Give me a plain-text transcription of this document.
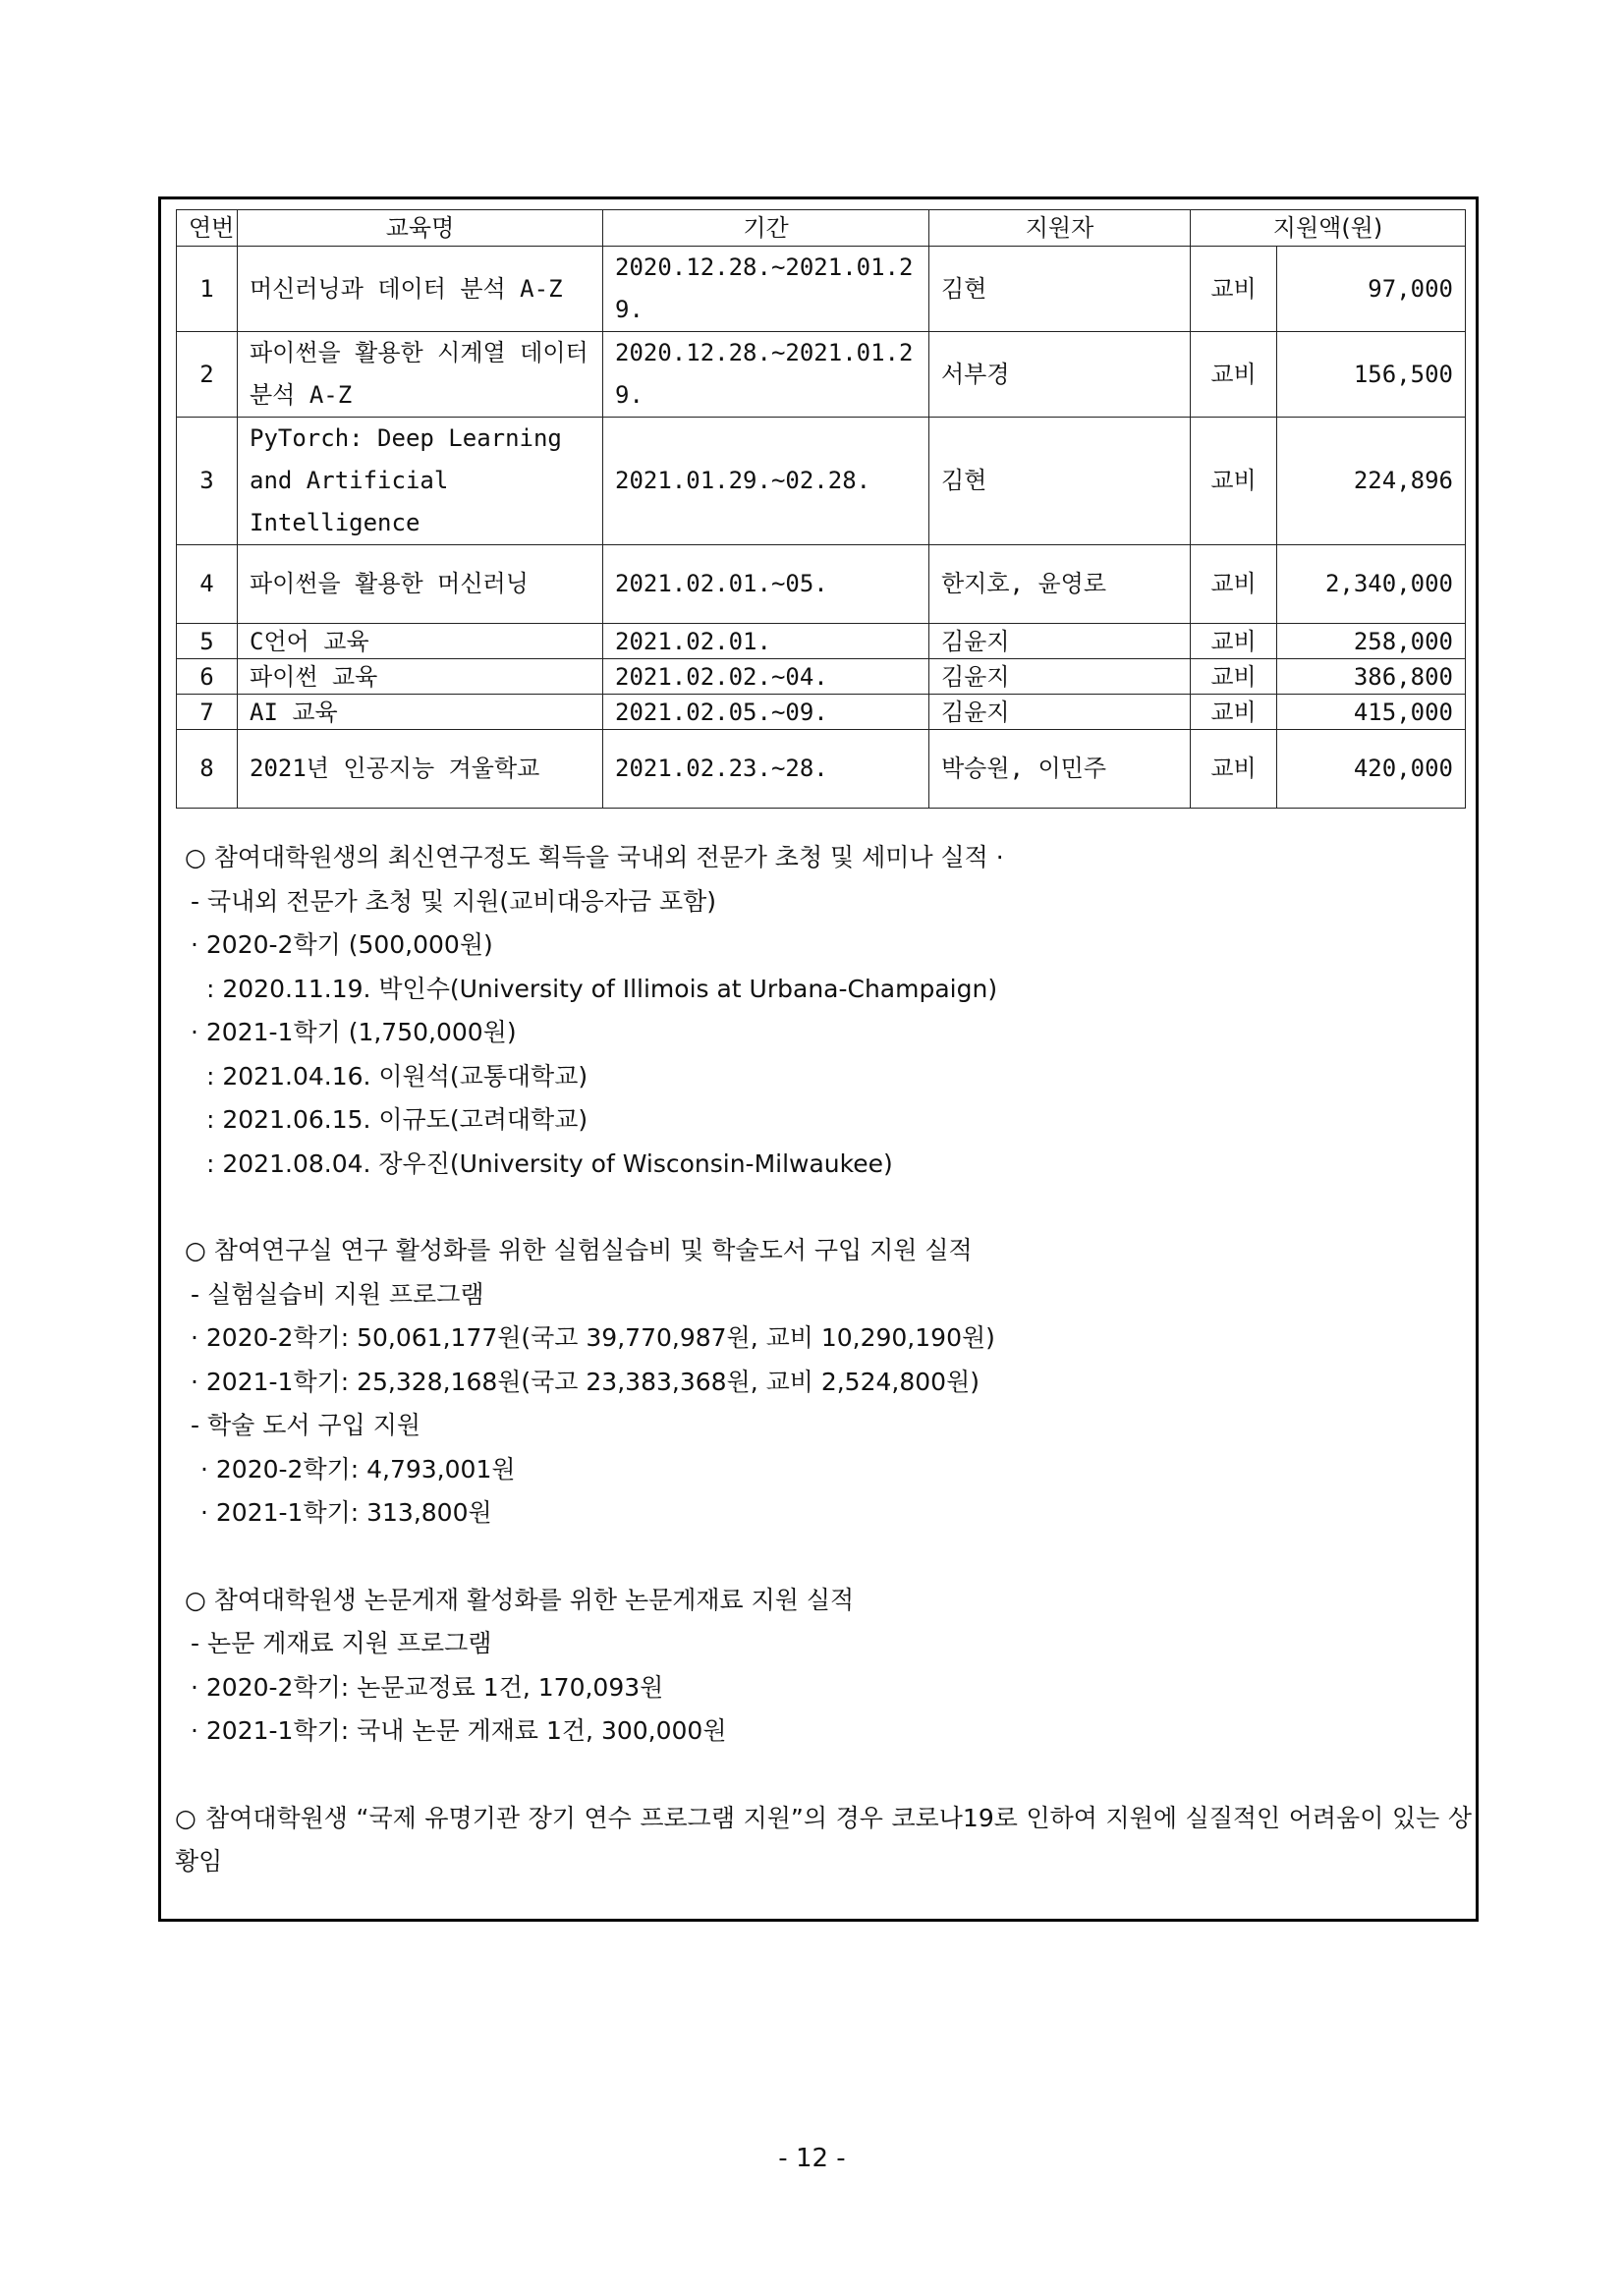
연번	교육명	기간	지원자	지원액(원)	
1	머신러닝과 데이터 분석 A-Z	2020.12.28.~2021.01.29.	김현	교비	97,000
2	파이썬을 활용한 시계열 데이터 분석 A-Z	2020.12.28.~2021.01.29.	서부경	교비	156,500
3	PyTorch: Deep Learning and Artificial Intelligence	2021.01.29.~02.28.	김현	교비	224,896
4	파이썬을 활용한 머신러닝	2021.02.01.~05.	한지호, 윤영로	교비	2,340,000
5	C언어 교육	2021.02.01.	김윤지	교비	258,000
6	파이썬 교육	2021.02.02.~04.	김윤지	교비	386,800
7	AI 교육	2021.02.05.~09.	김윤지	교비	415,000
8	2021년 인공지능 겨울학교	2021.02.23.~28.	박승원, 이민주	교비	420,000

○ 참여대학원생의 최신연구정도 획득을 국내외 전문가 초청 및 세미나 실적 ·

- 국내외 전문가 초청 및 지원(교비대응자금 포함)

· 2020-2학기 (500,000원)

: 2020.11.19. 박인수(University of Illimois at Urbana-Champaign)

· 2021-1학기 (1,750,000원)

: 2021.04.16. 이원석(교통대학교)

: 2021.06.15. 이규도(고려대학교)

: 2021.08.04. 장우진(University of Wisconsin-Milwaukee)

○ 참여연구실 연구 활성화를 위한 실험실습비 및 학술도서 구입 지원 실적

- 실험실습비 지원 프로그램

· 2020-2학기: 50,061,177원(국고 39,770,987원, 교비 10,290,190원)

· 2021-1학기: 25,328,168원(국고 23,383,368원, 교비 2,524,800원)

- 학술 도서 구입 지원

· 2020-2학기: 4,793,001원

· 2021-1학기: 313,800원

○ 참여대학원생 논문게재 활성화를 위한 논문게재료 지원 실적

- 논문 게재료 지원 프로그램

· 2020-2학기: 논문교정료 1건, 170,093원

· 2021-1학기: 국내 논문 게재료 1건, 300,000원

○ 참여대학원생 “국제 유명기관 장기 연수 프로그램 지원”의 경우 코로나19로 인하여 지원에 실질적인 어려움이 있는 상황임

- 12 -
